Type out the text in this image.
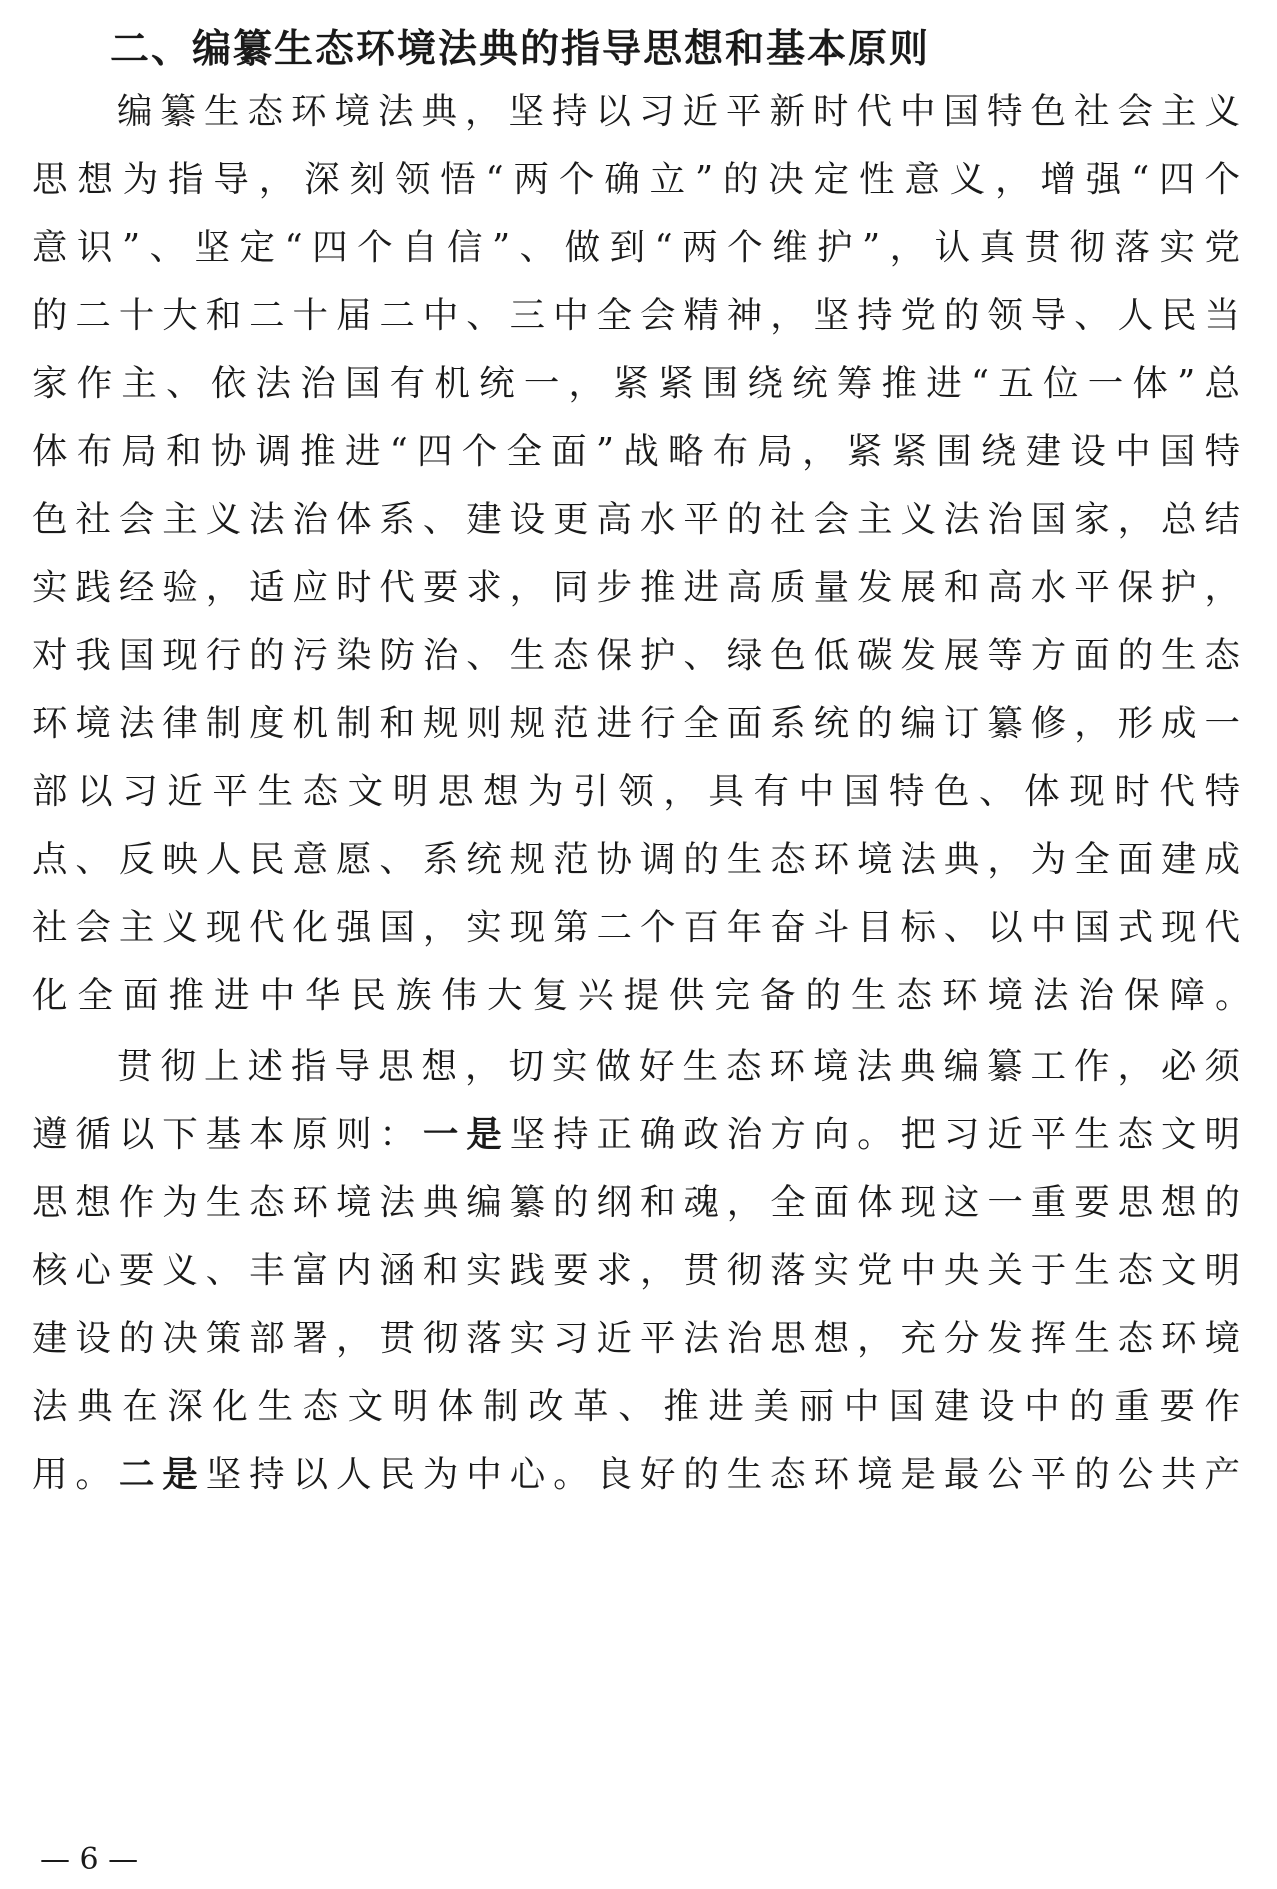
二、编纂生态环境法典的指导思想和基本原则
编纂生态环境法典，坚持以习近平新时代中国特色社会主义
思想为指导，深刻领悟“两个确立”的决定性意义，增强“四个
意识”、坚定“四个自信”、做到“两个维护”，认真贯彻落实党
的二十大和二十届二中、三中全会精神，坚持党的领导、人民当
家作主、依法治国有机统一，紧紧围绕统筹推进“五位一体”总
体布局和协调推进“四个全面”战略布局，紧紧围绕建设中国特
色社会主义法治体系、建设更高水平的社会主义法治国家，总结
实践经验，适应时代要求，同步推进高质量发展和高水平保护，
对我国现行的污染防治、生态保护、绿色低碳发展等方面的生态
环境法律制度机制和规则规范进行全面系统的编订纂修，形成一
部以习近平生态文明思想为引领，具有中国特色、体现时代特
点、反映人民意愿、系统规范协调的生态环境法典，为全面建成
社会主义现代化强国，实现第二个百年奋斗目标、以中国式现代
化全面推进中华民族伟大复兴提供完备的生态环境法治保障。
贯彻上述指导思想，切实做好生态环境法典编纂工作，必须
遵循以下基本原则：一是坚持正确政治方向。把习近平生态文明
思想作为生态环境法典编纂的纲和魂，全面体现这一重要思想的
核心要义、丰富内涵和实践要求，贯彻落实党中央关于生态文明
建设的决策部署，贯彻落实习近平法治思想，充分发挥生态环境
法典在深化生态文明体制改革、推进美丽中国建设中的重要作
用。二是坚持以人民为中心。良好的生态环境是最公平的公共产
— 6 —
